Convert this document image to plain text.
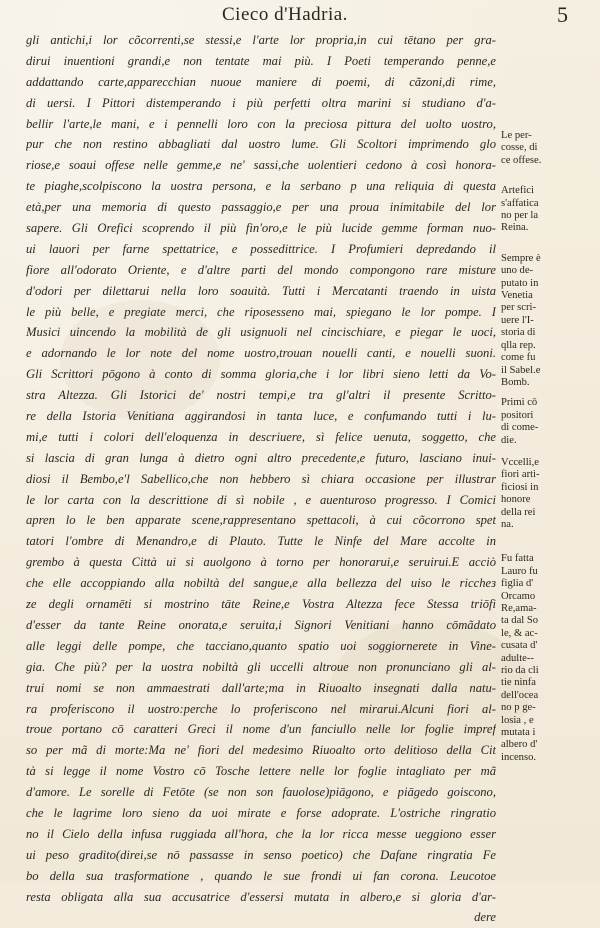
Cieco d'Hadria.	5
gli antichi,i lor cõcorrenti,se stessi,e l'arte lor propria,in cui tētano per gra-
dirui inuentioni grandi,e non tentate mai più. I Poeti temperando penne,e
addattando carte,apparecchian nuoue maniere di poemi, di cãzoni,di rime,
di uersi. I Pittori distemperando i più perfetti oltra marini si studiano d'a-
bellir l'arte,le mani, e i pennelli loro con la preciosa pittura del uolto uostro,
pur che non restino abbagliati dal uostro lume. Gli Scoltori imprimendo glo
riose,e soaui offese nelle gemme,e ne' sassi,che uolentieri cedono à così honora-
te piaghe,scolpiscono la uostra persona, e la serbano p una reliquia di questa
età,per una memoria di questo passaggio,e per una proua inimitabile del lor
sapere. Gli Orefici scoprendo il più fin'oro,e le più lucide gemme forman nuo-
ui lauori per farne spettatrice, e possedittrice. I Profumieri depredando il
fiore all'odorato Oriente, e d'altre parti del mondo compongono rare misture
d'odori per dilettarui nella loro soauità. Tutti i Mercatanti traendo in uista
le più belle, e pregiate merci, che riposesseno mai, spiegano le lor pompe. I
Musici uincendo la mobilità de gli usignuoli nel cincischiare, e piegar le uoci,
e adornando le lor note del nome uostro,trouan nouelli canti, e nouelli suoni.
Gli Scrittori pōgono à conto di somma gloria,che i lor libri sieno letti da Vo-
stra Altezza. Gli Istorici de' nostri tempi,e tra gl'altri il presente Scritto-
re della Istoria Venitiana aggirandosi in tanta luce, e confumando tutti i lu-
mi,e tutti i colori dell'eloquenza in descriuere, sì felice uenuta, soggetto, che
si lascia di gran lunga à dietro ogni altro precedente,e futuro, lasciano inui-
diosi il Bembo,e'l Sabellico,che non hebbero sì chiara occasione per illustrar
le lor carta con la descrittione di sì nobile , e auenturoso progresso. I Comici
apren lo le ben apparate scene,rappresentano spettacoli, à cui cõcorrono spet
tatori l'ombre di Menandro,e di Plauto. Tutte le Ninfe del Mare accolte in
grembo à questa Città ui si auolgono à torno per honorarui,e seruirui.E acciò
che elle accoppiando alla nobiltà del sangue,e alla bellezza del uiso le riccheз
ze degli ornamēti si mostrino tāte Reine,e Vostra Altezza fece Stessa triōfi
d'esser da tante Reine onorata,e seruita,i Signori Venitiani hanno cōmãdato
alle leggi delle pompe, che tacciano,quanto spatio uoi soggiornerete in Vine-
gia. Che più? per la uostra nobiltà gli uccelli altroue non pronunciano gli al-
trui nomi se non ammaestrati dall'arte;ma in Riuoalto insegnati dalla natu-
ra proferiscono il uostro:perche lo proferiscono nel mirarui.Alcuni fiori al-
troue portano cō caratteri Greci il nome d'un fanciullo nelle lor foglie impref
so per mã di morte:Ma ne' fiori del medesimo Riuoalto orto delitioso della Cit
tà si legge il nome Vostro cō Tosche lettere nelle lor foglie intagliato per mã
d'amore. Le sorelle di Fetōte (se non son fauolose)piāgono, e piāgedo goiscono,
che le lagrime loro sieno da uoi mirate e forse adoprate. L'ostriche ringratio
no il Cielo della infusa ruggiada all'hora, che la lor ricca messe ueggiono esser
ui peso gradito(direi,se nō passasse in senso poetico) che Dafane ringratia Fe
bo della sua trasformatione , quando le sue frondi ui fan corona. Leucotoe
resta obligata alla sua accusatrice d'essersi mutata in albero,e si gloria d'ar-
dere
Le per-
cosse, di
ce offese.
Artefici
s'affatica
no per la
Reina.
Sempre è
uno de-
putato in
Venetia
per scri-
uere l'I-
storia di
qlla rep.
come fu
il Sabel.e
Bomb.
Primi cō
positori
di come-
die.
Vccelli,e
fiori arti-
ficiosi in
honore
della rei
na.
Fu fatta
Lauro fu
figlia d'
Orcamo
Re,ama-
ta dal So
le, & ac-
cusata d'
adulte--
rio da cli
tie ninfa
dell'ocea
no p ge-
losia , e
mutata i
albero d'
incenso.
